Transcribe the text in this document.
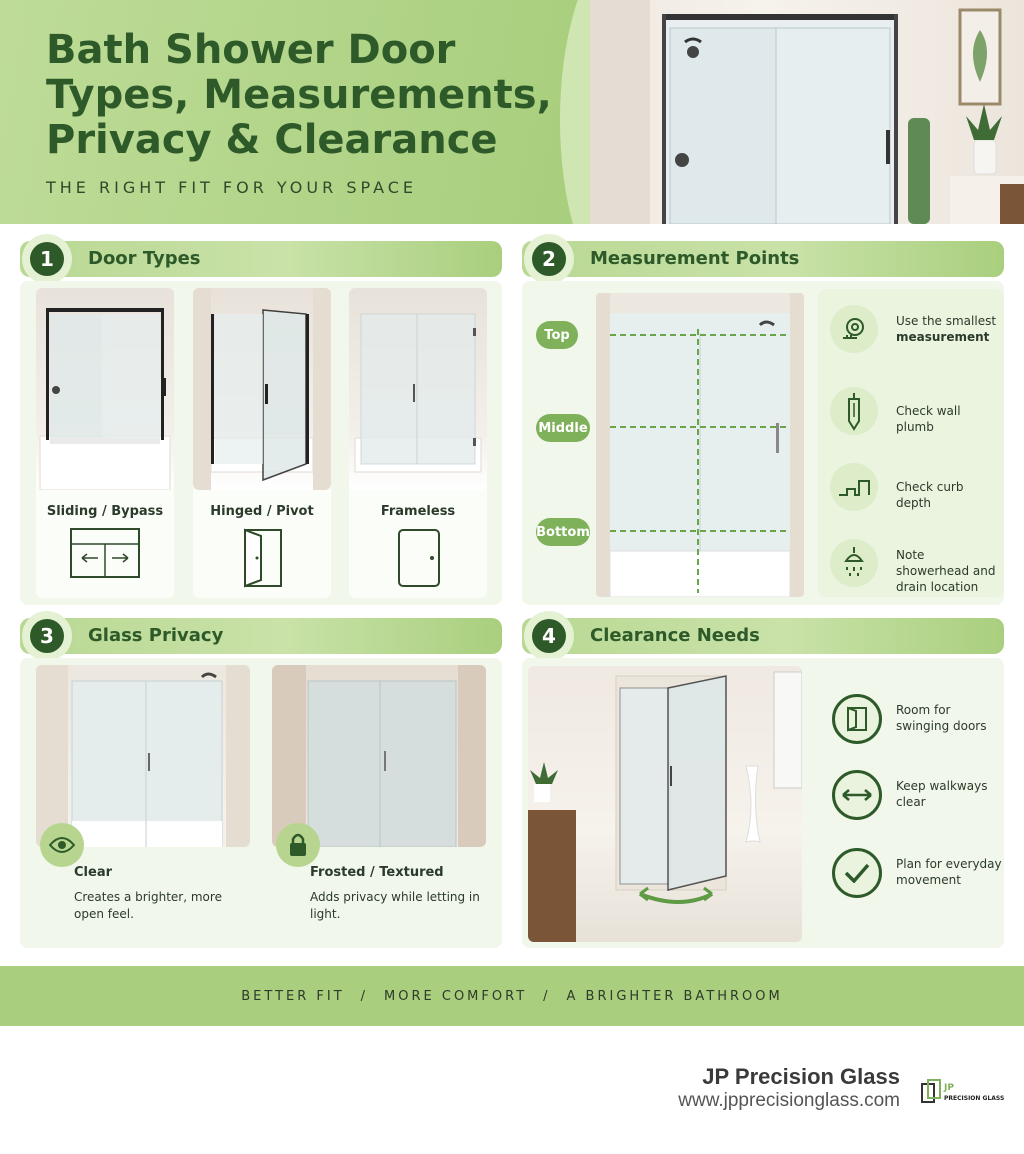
Bath Shower Door Types, Measurements, Privacy & Clearance
THE RIGHT FIT FOR YOUR SPACE
1	Door Types
Sliding / Bypass	Hinged / Pivot	Frameless
2	Measurement Points
Top
Middle
Bottom
Use the smallest
measurement
Check wall plumb
Check curb depth
Note showerhead and drain location
3	Glass Privacy
Clear
Creates a brighter, more open feel.
Frosted / Textured
Adds privacy while letting in light.
4	Clearance Needs
Room for swinging doors
Keep walkways clear
Plan for everyday movement
BETTER FIT / MORE COMFORT / A BRIGHTER BATHROOM
JP Precision Glass
www.jpprecisionglass.com
JP
PRECISION GLASS
